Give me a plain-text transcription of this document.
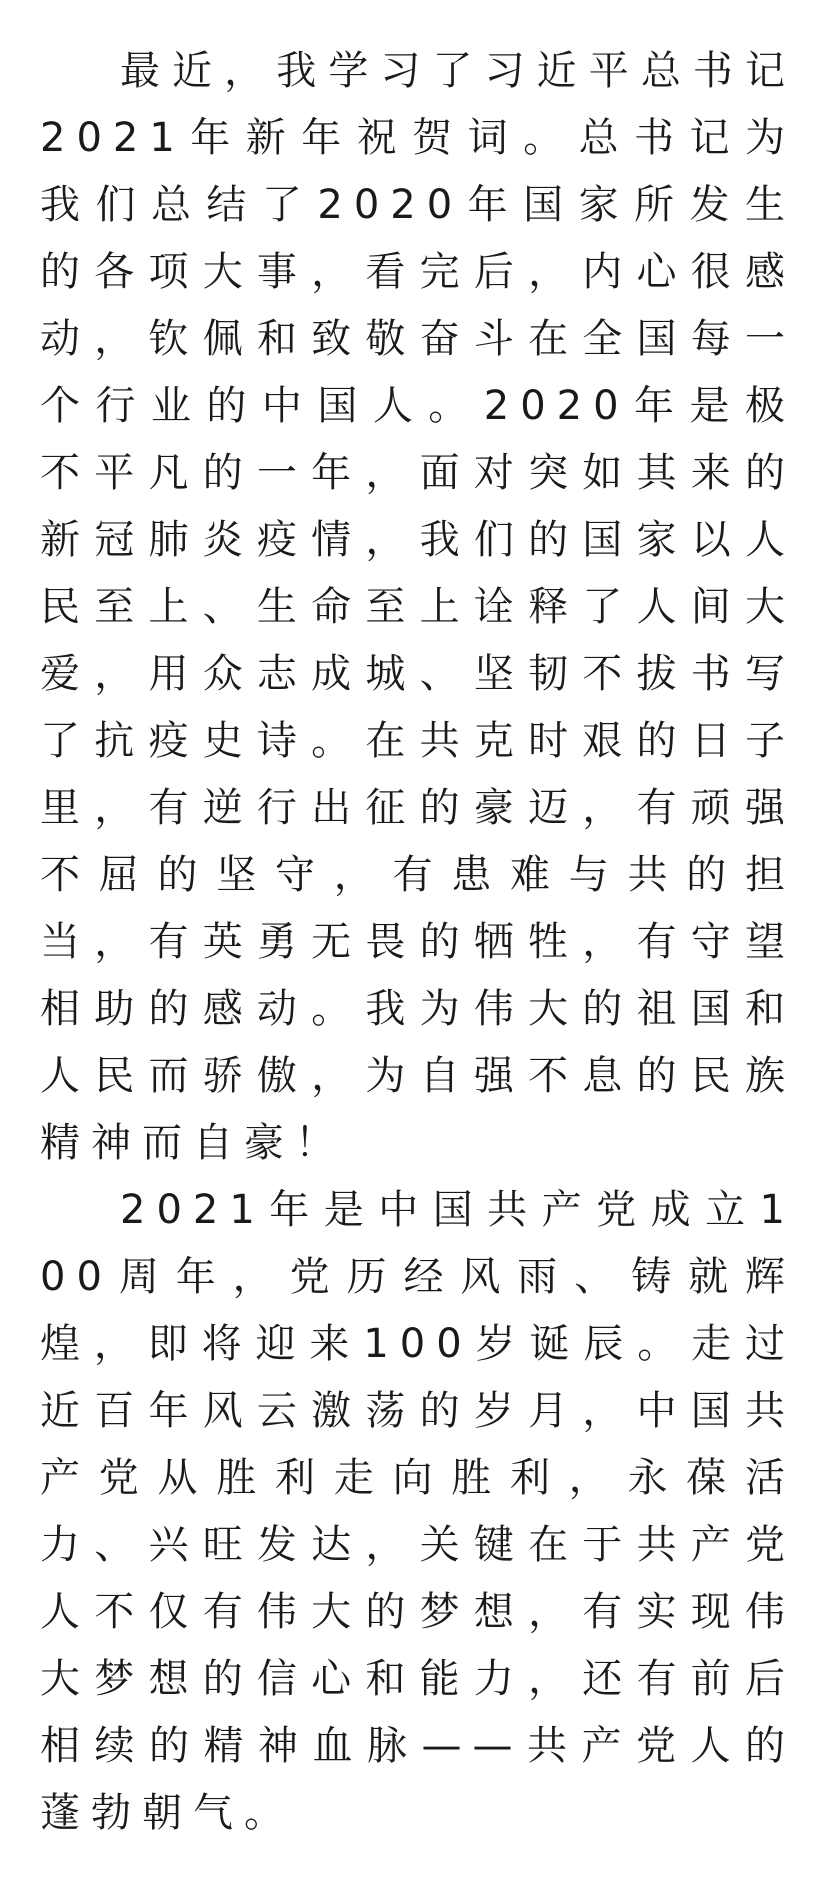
最近，我学习了习近平总书记2021年新年祝贺词。总书记为我们总结了2020年国家所发生的各项大事，看完后，内心很感动，钦佩和致敬奋斗在全国每一个行业的中国人。2020年是极不平凡的一年，面对突如其来的新冠肺炎疫情，我们的国家以人民至上、生命至上诠释了人间大爱，用众志成城、坚韧不拔书写了抗疫史诗。在共克时艰的日子里，有逆行出征的豪迈，有顽强不屈的坚守，有患难与共的担当，有英勇无畏的牺牲，有守望相助的感动。我为伟大的祖国和人民而骄傲，为自强不息的民族精神而自豪！

2021年是中国共产党成立100周年，党历经风雨、铸就辉煌，即将迎来100岁诞辰。走过近百年风云激荡的岁月，中国共产党从胜利走向胜利，永葆活力、兴旺发达，关键在于共产党人不仅有伟大的梦想，有实现伟大梦想的信心和能力，还有前后相续的精神血脉——共产党人的蓬勃朝气。
